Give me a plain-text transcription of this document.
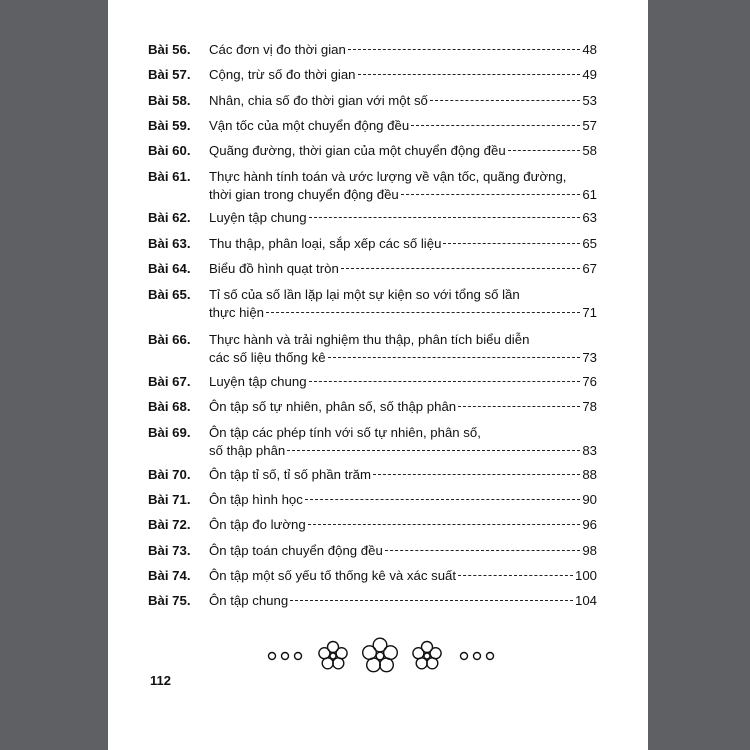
Bài 56. Các đơn vị đo thời gian	48
Bài 57. Cộng, trừ số đo thời gian	49
Bài 58. Nhân, chia số đo thời gian với một số	53
Bài 59. Vận tốc của một chuyển động đều	57
Bài 60. Quãng đường, thời gian của một chuyển động đều	58
Bài 61. Thực hành tính toán và ước lượng về vận tốc, quãng đường,
thời gian trong chuyển động đều	61
Bài 62. Luyện tập chung	63
Bài 63. Thu thập, phân loại, sắp xếp các số liệu	65
Bài 64. Biểu đồ hình quạt tròn	67
Bài 65. Tỉ số của số lần lặp lại một sự kiện so với tổng số lần
thực hiện	71
Bài 66. Thực hành và trải nghiệm thu thập, phân tích biểu diễn
các số liệu thống kê	73
Bài 67. Luyện tập chung	76
Bài 68. Ôn tập số tự nhiên, phân số, số thập phân	78
Bài 69. Ôn tập các phép tính với số tự nhiên, phân số,
số thập phân	83
Bài 70. Ôn tập tỉ số, tỉ số phần trăm	88
Bài 71. Ôn tập hình học	90
Bài 72. Ôn tập đo lường	96
Bài 73. Ôn tập toán chuyển động đều	98
Bài 74. Ôn tập một số yếu tố thống kê và xác suất	100
Bài 75. Ôn tập chung	104
112
